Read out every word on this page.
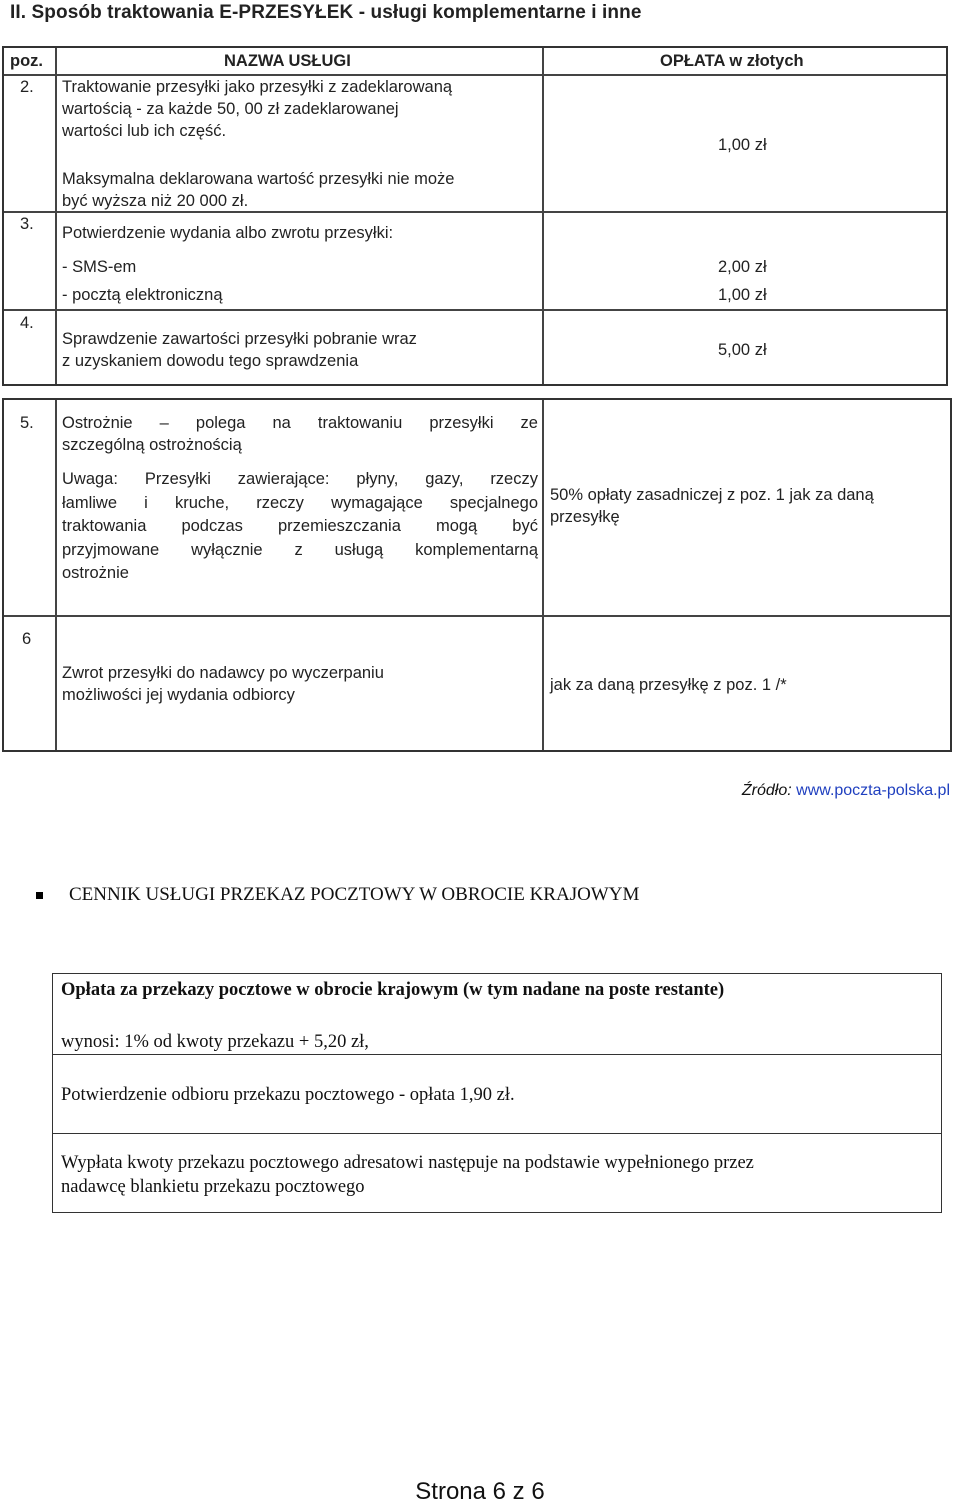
II. Sposób traktowania E-PRZESYŁEK - usługi komplementarne i inne
poz.	NAZWA USŁUGI	OPŁATA w złotych
2. Traktowanie przesyłki jako przesyłki z zadeklarowaną
wartością - za każde 50, 00 zł zadeklarowanej
wartości lub ich część.
Maksymalna deklarowana wartość przesyłki nie może
być wyższa niż 20 000 zł.
1,00 zł
3. Potwierdzenie wydania albo zwrotu przesyłki:
- SMS-em
- pocztą elektroniczną
2,00 zł
1,00 zł
4.
Sprawdzenie zawartości przesyłki pobranie wraz
z uzyskaniem dowodu tego sprawdzenia
5,00 zł
5. Ostrożnie – polega na traktowaniu przesyłki ze
szczególną ostrożnością
Uwaga: Przesyłki zawierające: płyny, gazy, rzeczy
łamliwe i kruche, rzeczy wymagające specjalnego
traktowania podczas przemieszczania mogą być
przyjmowane wyłącznie z usługą komplementarną
ostrożnie
50% opłaty zasadniczej z poz. 1 jak za daną
przesyłkę
6
Zwrot przesyłki do nadawcy po wyczerpaniu
możliwości jej wydania odbiorcy
jak za daną przesyłkę z poz. 1 /*
Źródło: www.poczta-polska.pl
CENNIK USŁUGI PRZEKAZ POCZTOWY W OBROCIE KRAJOWYM
Opłata za przekazy pocztowe w obrocie krajowym (w tym nadane na poste restante)
wynosi: 1% od kwoty przekazu + 5,20 zł,
Potwierdzenie odbioru przekazu pocztowego - opłata 1,90 zł.
Wypłata kwoty przekazu pocztowego adresatowi następuje na podstawie wypełnionego przez
nadawcę blankietu przekazu pocztowego
Strona 6 z 6
